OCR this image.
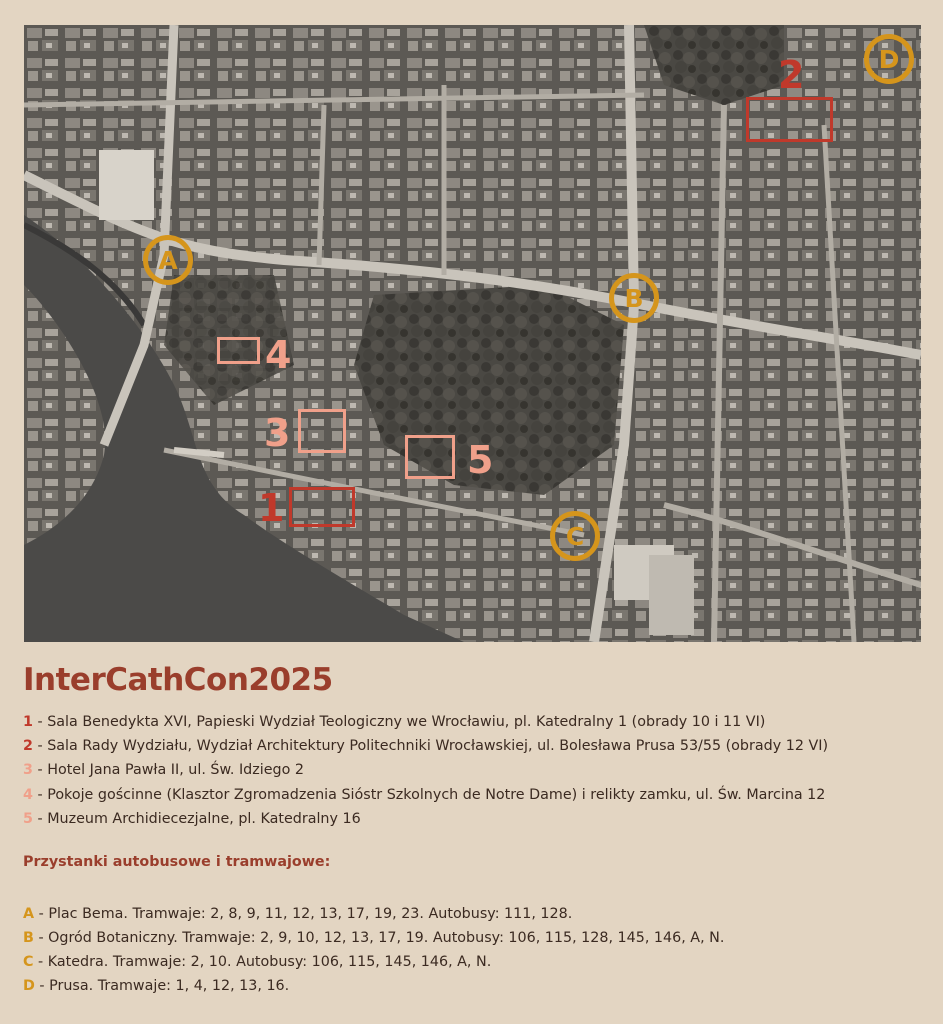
1
2
3
4
5
A
B
C
D
InterCathCon2025
1 - Sala Benedykta XVI, Papieski Wydział Teologiczny we Wrocławiu, pl. Katedralny 1 (obrady 10 i 11 VI)
2 - Sala Rady Wydziału, Wydział Architektury Politechniki Wrocławskiej, ul. Bolesława Prusa 53/55 (obrady 12 VI)
3 - Hotel Jana Pawła II, ul. Św. Idziego 2
4 - Pokoje gościnne (Klasztor Zgromadzenia Sióstr Szkolnych de Notre Dame) i relikty zamku, ul. Św. Marcina 12
5 - Muzeum Archidiecezjalne, pl. Katedralny 16
Przystanki autobusowe i tramwajowe:
A - Plac Bema. Tramwaje: 2, 8, 9, 11, 12, 13, 17, 19, 23. Autobusy: 111, 128.
B - Ogród Botaniczny. Tramwaje: 2, 9, 10, 12, 13, 17, 19. Autobusy: 106, 115, 128, 145, 146, A, N.
C - Katedra. Tramwaje: 2, 10. Autobusy: 106, 115, 145, 146, A, N.
D - Prusa. Tramwaje: 1, 4, 12, 13, 16.
